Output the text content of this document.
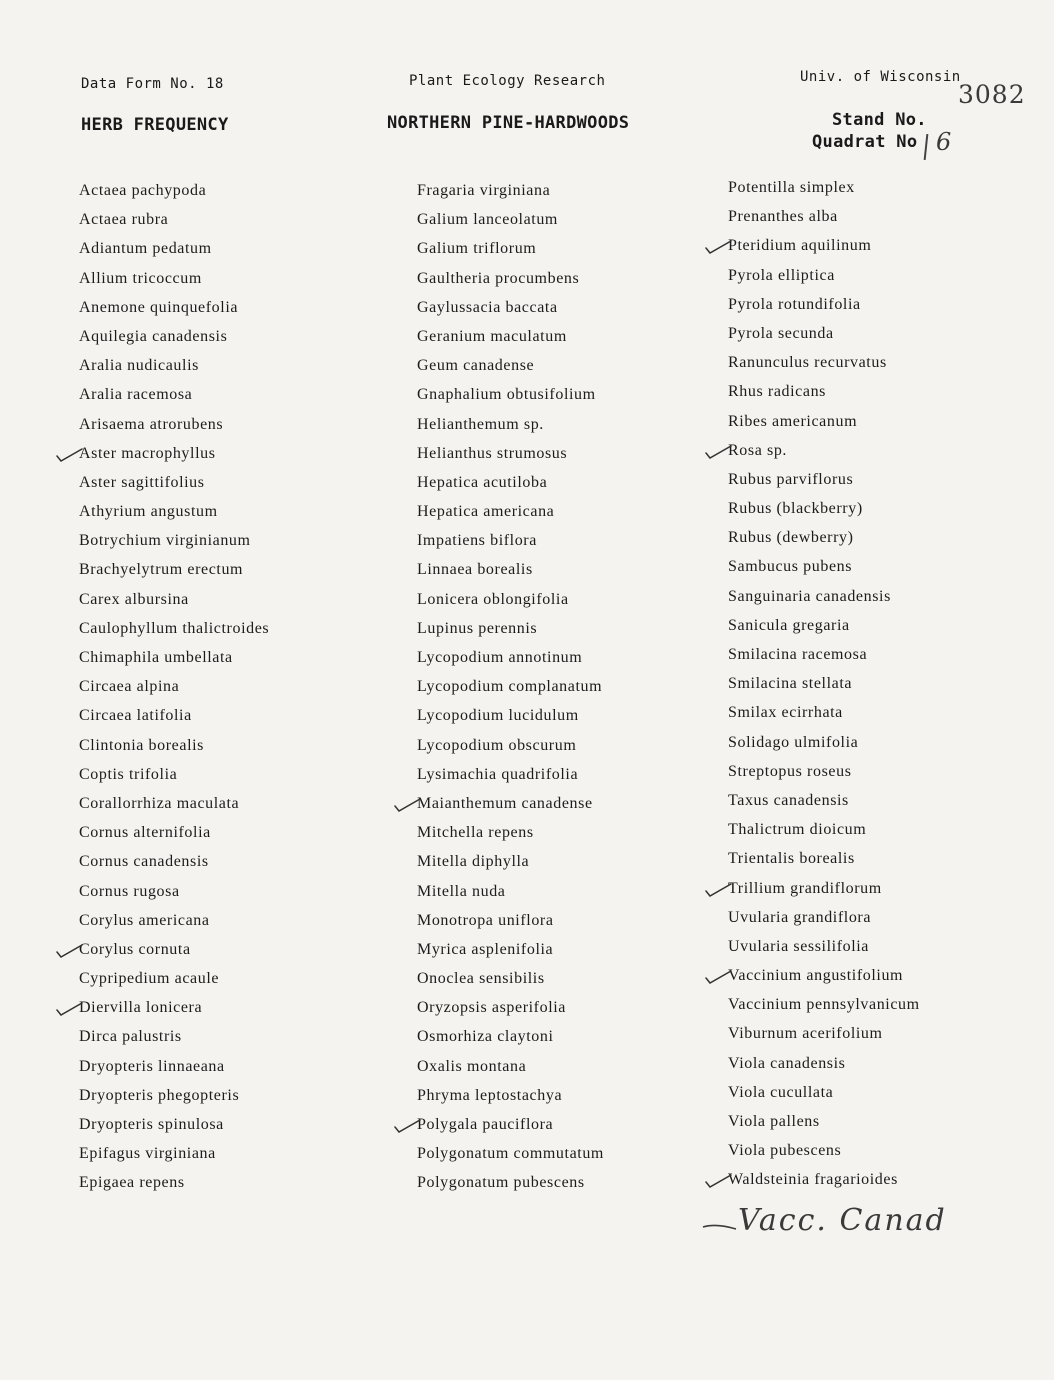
Data Form No. 18	Plant Ecology Research	Univ. of Wisconsin
HERB FREQUENCY	NORTHERN PINE-HARDWOODS	Stand No.
Quadrat No
3082
6
Actaea pachypoda
Actaea rubra
Adiantum pedatum
Allium tricoccum
Anemone quinquefolia
Aquilegia canadensis
Aralia nudicaulis
Aralia racemosa
Arisaema atrorubens
Aster macrophyllus
Aster sagittifolius
Athyrium angustum
Botrychium virginianum
Brachyelytrum erectum
Carex albursina
Caulophyllum thalictroides
Chimaphila umbellata
Circaea alpina
Circaea latifolia
Clintonia borealis
Coptis trifolia
Corallorrhiza maculata
Cornus alternifolia
Cornus canadensis
Cornus rugosa
Corylus americana
Corylus cornuta
Cypripedium acaule
Diervilla lonicera
Dirca palustris
Dryopteris linnaeana
Dryopteris phegopteris
Dryopteris spinulosa
Epifagus virginiana
Epigaea repens
Fragaria virginiana
Galium lanceolatum
Galium triflorum
Gaultheria procumbens
Gaylussacia baccata
Geranium maculatum
Geum canadense
Gnaphalium obtusifolium
Helianthemum sp.
Helianthus strumosus
Hepatica acutiloba
Hepatica americana
Impatiens biflora
Linnaea borealis
Lonicera oblongifolia
Lupinus perennis
Lycopodium annotinum
Lycopodium complanatum
Lycopodium lucidulum
Lycopodium obscurum
Lysimachia quadrifolia
Maianthemum canadense
Mitchella repens
Mitella diphylla
Mitella nuda
Monotropa uniflora
Myrica asplenifolia
Onoclea sensibilis
Oryzopsis asperifolia
Osmorhiza claytoni
Oxalis montana
Phryma leptostachya
Polygala pauciflora
Polygonatum commutatum
Polygonatum pubescens
Potentilla simplex
Prenanthes alba
Pteridium aquilinum
Pyrola elliptica
Pyrola rotundifolia
Pyrola secunda
Ranunculus recurvatus
Rhus radicans
Ribes americanum
Rosa sp.
Rubus parviflorus
Rubus (blackberry)
Rubus (dewberry)
Sambucus pubens
Sanguinaria canadensis
Sanicula gregaria
Smilacina racemosa
Smilacina stellata
Smilax ecirrhata
Solidago ulmifolia
Streptopus roseus
Taxus canadensis
Thalictrum dioicum
Trientalis borealis
Trillium grandiflorum
Uvularia grandiflora
Uvularia sessilifolia
Vaccinium angustifolium
Vaccinium pennsylvanicum
Viburnum acerifolium
Viola canadensis
Viola cucullata
Viola pallens
Viola pubescens
Waldsteinia fragarioides
Vacc. Canad
